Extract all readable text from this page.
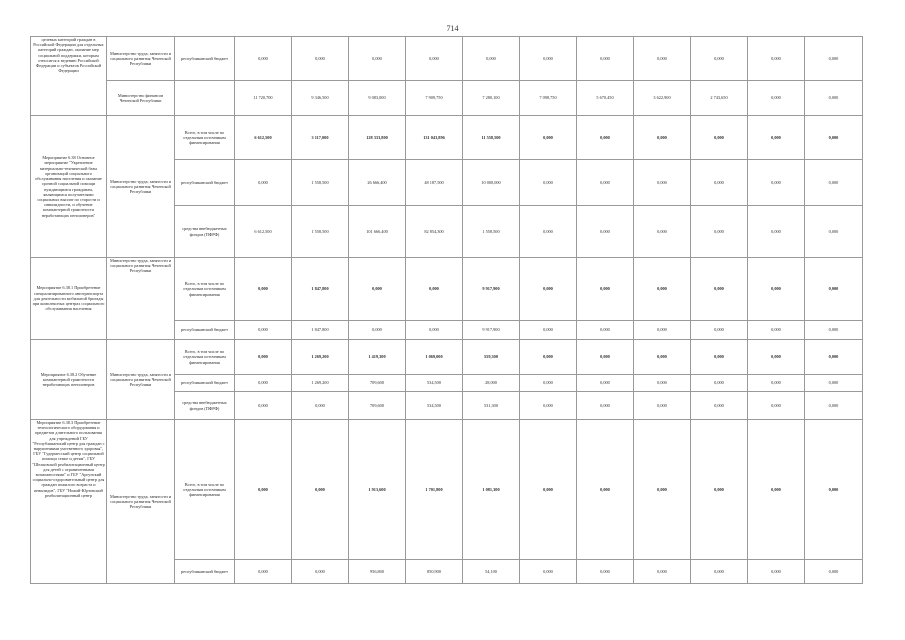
714
целевых категорий граждан в Российской Федерации для отдельных категорий граждан, оказание мер социальной поддержки, которым относятся к ведению Российской Федерации и субъектов Российской Федерации	Министерство труда, занятости и социального развития Чеченской Республики	республиканский бюджет	0,000	0,000	0,000	0,000	0,000	0,000	0,000	0,000	0,000	0,000	0,000
	Министерство финансов Чеченской Республики		11 720,700	9 346,500	9 083,000	7 909,750	7 280,100	7 098,750	5 670,450	3 622,900	2 743,650	0,000	0,000
Мероприятие 6.38 Основное мероприятие "Укрепление материально-технической базы организаций социального обслуживания населения и оказание срочной социальной помощи нуждающимся гражданам, являющимся получателями социальных выплат по старости и инвалидности, и обучение компьютерной грамотности неработающих пенсионеров"	Министерство труда, занятости и социального развития Чеченской Республики	Всего, в том числе по отдельным источникам финансирования	6 612,500	3 117,000	128 333,800	131 043,896	11 558,500	0,000	0,000	0,000	0,000	0,000	0,000
		республиканский бюджет	0,000	1 558,500	26 666,400	48 187,500	10 000,000	0,000	0,000	0,000	0,000	0,000	0,000
		средства внебюджетных фондов (ПФРФ)	6 612,500	1 558,500	101 666,400	82 854,300	1 558,500	0,000	0,000	0,000	0,000	0,000	0,000
Мероприятие 6.38.1 Приобретение специализированного автотранспорта для деятельности мобильной бригады при комплексных центрах социального обслуживания населения	Министерство труда, занятости и социального развития Чеченской Республики	Всего, в том числе по отдельным источникам финансирования	0,000	1 847,800	0,000	0,000	9 917,900	0,000	0,000	0,000	0,000	0,000	0,000
		республиканский бюджет	0,000	1 847,800	0,000	0,000	9 917,900	0,000	0,000	0,000	0,000	0,000	0,000
Мероприятие 6.38.2 Обучение компьютерной грамотности неработающих пенсионеров	Министерство труда, занятости и социального развития Чеченской Республики	Всего, в том числе по отдельным источникам финансирования	0,000	1 269,200	1 419,300	1 069,000	559,300	0,000	0,000	0,000	0,000	0,000	0,000
		республиканский бюджет	0,000	1 269,200	709,600	534,500	28,000	0,000	0,000	0,000	0,000	0,000	0,000
		средства внебюджетных фондов (ПФРФ)	0,000	0,000	709,600	534,500	531,300	0,000	0,000	0,000	0,000	0,000	0,000
Мероприятие 6.38.3 Приобретение технологического оборудования и предметов длительного пользования для учреждений ГБУ "Республиканский центр для граждан с нарушениями умственного здоровья", ГБУ "Гудермесский центр социальной помощи семье и детям", ГБУ "Шелковской реабилитационный центр для детей с ограниченными возможностями" и ГБУ "Аргунский социально-оздоровительный центр для граждан пожилого возраста и инвалидов", ГБУ "Ножай-Юртовский реабилитационный центр	Министерство труда, занятости и социального развития Чеченской Республики	Всего, в том числе по отдельным источникам финансирования	0,000	0,000	1 913,600	1 701,800	1 081,300	0,000	0,000	0,000	0,000	0,000	0,000
		республиканский бюджет	0,000	0,000	956,800	850,900	54,100	0,000	0,000	0,000	0,000	0,000	0,000
